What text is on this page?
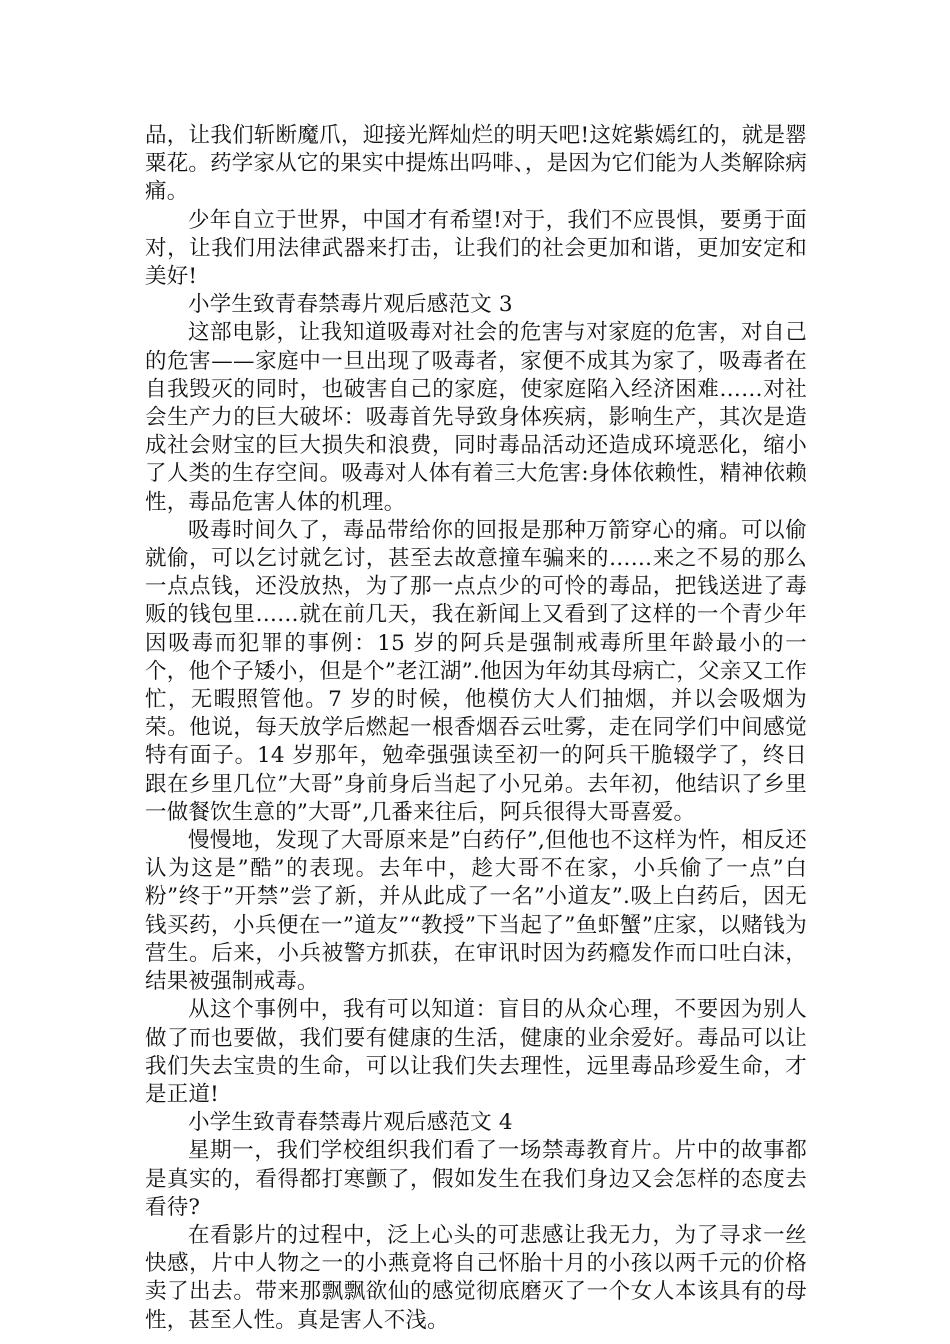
品，让我们斩断魔爪，迎接光辉灿烂的明天吧!这姹紫嫣红的，就是罂粟花。药学家从它的果实中提炼出吗啡、，是因为它们能为人类解除病痛。

少年自立于世界，中国才有希望!对于，我们不应畏惧，要勇于面对，让我们用法律武器来打击，让我们的社会更加和谐，更加安定和美好!

小学生致青春禁毒片观后感范文 3

这部电影，让我知道吸毒对社会的危害与对家庭的危害，对自己的危害——家庭中一旦出现了吸毒者，家便不成其为家了，吸毒者在自我毁灭的同时，也破害自己的家庭，使家庭陷入经济困难……对社会生产力的巨大破坏：吸毒首先导致身体疾病，影响生产，其次是造成社会财宝的巨大损失和浪费，同时毒品活动还造成环境恶化，缩小了人类的生存空间。吸毒对人体有着三大危害:身体依赖性，精神依赖性，毒品危害人体的机理。

吸毒时间久了，毒品带给你的回报是那种万箭穿心的痛。可以偷就偷，可以乞讨就乞讨，甚至去故意撞车骗来的……来之不易的那么一点点钱，还没放热，为了那一点点少的可怜的毒品，把钱送进了毒贩的钱包里……就在前几天，我在新闻上又看到了这样的一个青少年因吸毒而犯罪的事例：15 岁的阿兵是强制戒毒所里年龄最小的一个，他个子矮小，但是个”老江湖”.他因为年幼其母病亡，父亲又工作忙，无暇照管他。7 岁的时候，他模仿大人们抽烟，并以会吸烟为荣。他说，每天放学后燃起一根香烟吞云吐雾，走在同学们中间感觉特有面子。14 岁那年，勉牵强强读至初一的阿兵干脆辍学了，终日跟在乡里几位”大哥”身前身后当起了小兄弟。去年初，他结识了乡里一做餐饮生意的”大哥”,几番来往后，阿兵很得大哥喜爱。

慢慢地，发现了大哥原来是”白药仔”,但他也不这样为忤，相反还认为这是”酷”的表现。去年中，趁大哥不在家，小兵偷了一点”白粉”终于”开禁”尝了新，并从此成了一名”小道友”.吸上白药后，因无钱买药，小兵便在一”道友”“教授”下当起了”鱼虾蟹”庄家，以赌钱为营生。后来，小兵被警方抓获，在审讯时因为药瘾发作而口吐白沫，结果被强制戒毒。

从这个事例中，我有可以知道：盲目的从众心理，不要因为别人做了而也要做，我们要有健康的生活，健康的业余爱好。毒品可以让我们失去宝贵的生命，可以让我们失去理性，远里毒品珍爱生命，才是正道!

小学生致青春禁毒片观后感范文 4

星期一，我们学校组织我们看了一场禁毒教育片。片中的故事都是真实的，看得都打寒颤了，假如发生在我们身边又会怎样的态度去看待?

在看影片的过程中，泛上心头的可悲感让我无力，为了寻求一丝快感，片中人物之一的小燕竟将自己怀胎十月的小孩以两千元的价格卖了出去。带来那飘飘欲仙的感觉彻底磨灭了一个女人本该具有的母性，甚至人性。真是害人不浅。
